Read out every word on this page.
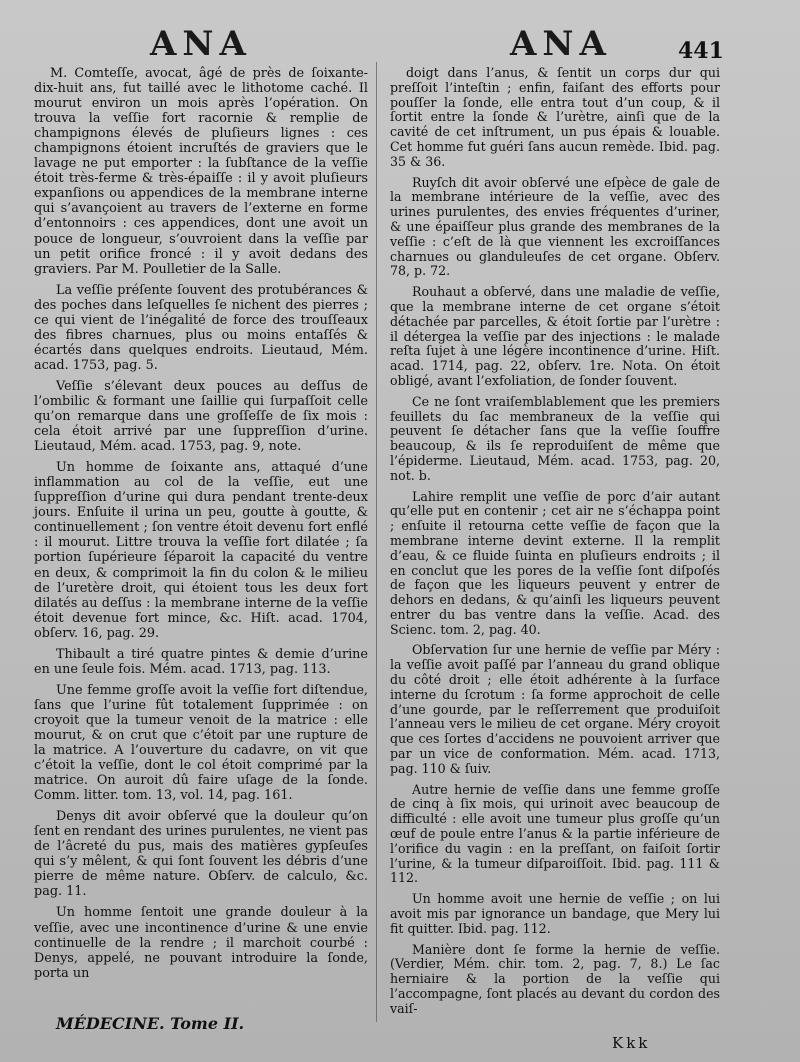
ANA	ANA	441

M. Comteſſe, avocat, âgé de près de ſoixante-dix-huit ans, fut taillé avec le lithotome caché. Il mourut environ un mois après l’opération. On trouva la veſſie fort racornie & remplie de champignons élevés de pluſieurs lignes : ces champignons étoient incruſtés de graviers que le lavage ne put emporter : la ſubſtance de la veſſie étoit très-ferme & très-épaiſſe : il y avoit pluſieurs expanſions ou appendices de la membrane interne qui s’avançoient au travers de l’externe en forme d’entonnoirs : ces appendices, dont une avoit un pouce de longueur, s’ouvroient dans la veſſie par un petit orifice froncé : il y avoit dedans des graviers. Par M. Poulletier de la Salle.

La veſſie préſente ſouvent des protubérances & des poches dans leſquelles ſe nichent des pierres ; ce qui vient de l’inégalité de force des trouſſeaux des fibres charnues, plus ou moins entaſſés & écartés dans quelques endroits. Lieutaud, Mém. acad. 1753, pag. 5.

Veſſie s’élevant deux pouces au deſſus de l’ombilic & formant une ſaillie qui ſurpaſſoit celle qu’on remarque dans une groſſeſſe de ſix mois : cela étoit arrivé par une ſuppreſſion d’urine. Lieutaud, Mém. acad. 1753, pag. 9, note.

Un homme de ſoixante ans, attaqué d’une inflammation au col de la veſſie, eut une ſuppreſſion d’urine qui dura pendant trente-deux jours. Enſuite il urina un peu, goutte à goutte, & continuellement ; ſon ventre étoit devenu fort enflé : il mourut. Littre trouva la veſſie fort dilatée ; ſa portion ſupérieure ſéparoit la capacité du ventre en deux, & comprimoit la fin du colon & le milieu de l’uretère droit, qui étoient tous les deux fort dilatés au deſſus : la membrane interne de la veſſie étoit devenue fort mince, &c. Hiſt. acad. 1704, obſerv. 16, pag. 29.

Thibault a tiré quatre pintes & demie d’urine en une ſeule fois. Mém. acad. 1713, pag. 113.

Une femme groſſe avoit la veſſie fort diſtendue, ſans que l’urine fût totalement ſupprimée : on croyoit que la tumeur venoit de la matrice : elle mourut, & on crut que c’étoit par une rupture de la matrice. A l’ouverture du cadavre, on vit que c’étoit la veſſie, dont le col étoit comprimé par la matrice. On auroit dû faire uſage de la ſonde. Comm. litter. tom. 13, vol. 14, pag. 161.

Denys dit avoir obſervé que la douleur qu’on ſent en rendant des urines purulentes, ne vient pas de l’âcreté du pus, mais des matières gypſeuſes qui s’y mêlent, & qui ſont ſouvent les débris d’une pierre de même nature. Obſerv. de calculo, &c. pag. 11.

Un homme ſentoit une grande douleur à la veſſie, avec une incontinence d’urine & une envie continuelle de la rendre ; il marchoit courbé : Denys, appelé, ne pouvant introduire la ſonde, porta un

doigt dans l’anus, & ſentit un corps dur qui preſſoit l’inteſtin ; enfin, faiſant des efforts pour pouſſer la ſonde, elle entra tout d’un coup, & il ſortit entre la ſonde & l’urètre, ainſi que de la cavité de cet inſtrument, un pus épais & louable. Cet homme fut guéri ſans aucun remède. Ibid. pag. 35 & 36.

Ruyſch dit avoir obſervé une eſpèce de gale de la membrane intérieure de la veſſie, avec des urines purulentes, des envies fréquentes d’uriner, & une épaiſſeur plus grande des membranes de la veſſie : c’eſt de là que viennent les excroiſſances charnues ou glanduleuſes de cet organe. Obſerv. 78, p. 72.

Rouhaut a obſervé, dans une maladie de veſſie, que la membrane interne de cet organe s’étoit détachée par parcelles, & étoit ſortie par l’urètre : il détergea la veſſie par des injections : le malade reſta ſujet à une légère incontinence d’urine. Hiſt. acad. 1714, pag. 22, obſerv. 1re. Nota. On étoit obligé, avant l’exfoliation, de ſonder ſouvent.

Ce ne ſont vraiſemblablement que les premiers feuillets du ſac membraneux de la veſſie qui peuvent ſe détacher ſans que la veſſie ſouffre beaucoup, & ils ſe reproduiſent de même que l’épiderme. Lieutaud, Mém. acad. 1753, pag. 20, not. b.

Lahire remplit une veſſie de porc d’air autant qu’elle put en contenir ; cet air ne s’échappa point ; enſuite il retourna cette veſſie de façon que la membrane interne devint externe. Il la remplit d’eau, & ce fluide ſuinta en pluſieurs endroits ; il en conclut que les pores de la veſſie ſont diſpoſés de façon que les liqueurs peuvent y entrer de dehors en dedans, & qu’ainſi les liqueurs peuvent entrer du bas ventre dans la veſſie. Acad. des Scienc. tom. 2, pag. 40.

Obſervation ſur une hernie de veſſie par Méry : la veſſie avoit paſſé par l’anneau du grand oblique du côté droit ; elle étoit adhérente à la ſurface interne du ſcrotum : ſa forme approchoit de celle d’une gourde, par le reſſerrement que produiſoit l’anneau vers le milieu de cet organe. Méry croyoit que ces ſortes d’accidens ne pouvoient arriver que par un vice de conformation. Mém. acad. 1713, pag. 110 & ſuiv.

Autre hernie de veſſie dans une femme groſſe de cinq à ſix mois, qui urinoit avec beaucoup de difficulté : elle avoit une tumeur plus groſſe qu’un œuf de poule entre l’anus & la partie inférieure de l’orifice du vagin : en la preſſant, on faiſoit ſortir l’urine, & la tumeur diſparoiſſoit. Ibid. pag. 111 & 112.

Un homme avoit une hernie de veſſie ; on lui avoit mis par ignorance un bandage, que Mery lui fit quitter. Ibid. pag. 112.

Manière dont ſe forme la hernie de veſſie. (Verdier, Mém. chir. tom. 2, pag. 7, 8.) Le ſac herniaire & la portion de la veſſie qui l’accompagne, ſont placés au devant du cordon des vaiſ-

MÉDECINE. Tome II.
Kkk
